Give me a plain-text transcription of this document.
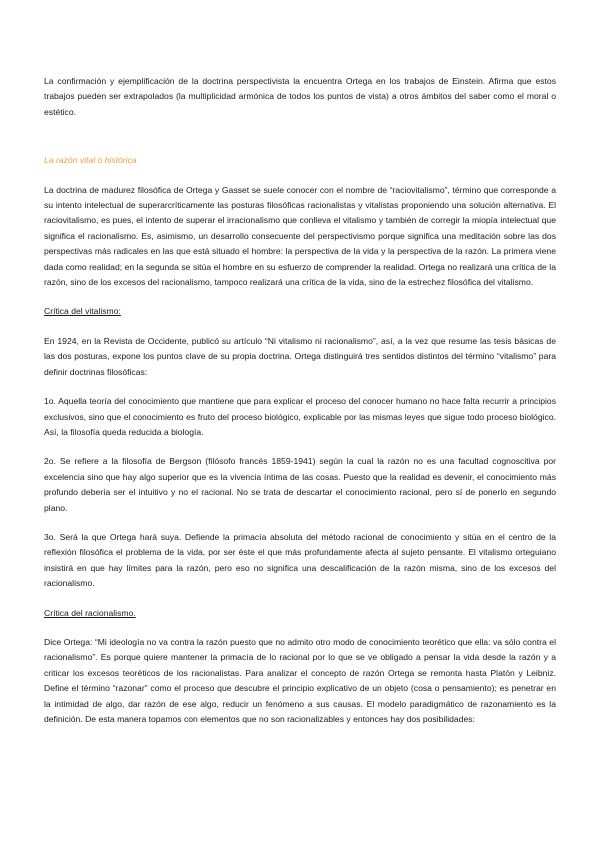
La confirmación y ejemplificación de la doctrina perspectivista la encuentra Ortega en los trabajos de Einstein. Afirma que estos trabajos pueden ser extrapolados (la multiplicidad armónica de todos los puntos de vista) a otros ámbitos del saber como el moral o estético.

La razón vital o histórica

La doctrina de madurez filosófica de Ortega y Gasset se suele conocer con el nombre de “raciovitalismo”, término que corresponde a su intento intelectual de superarcríticamente las posturas filosóficas racionalistas y vitalistas proponiendo una solución alternativa. El raciovitalismo, es pues, el intento de superar el irracionalismo que conlleva el vitalismo y también de corregir la miopía intelectual que significa el racionalismo. Es, asimismo, un desarrollo consecuente del perspectivismo porque significa una meditación sobre las dos perspectivas más radicales en las que está situado el hombre: la perspectiva de la vida y la perspectiva de la razón. La primera viene dada como realidad; en la segunda se sitúa el hombre en su esfuerzo de comprender la realidad. Ortega no realizará una crítica de la razón, sino de los excesos del racionalismo, tampoco realizará una crítica de la vida, sino de la estrechez filosófica del vitalismo.

Crítica del vitalismo:

En 1924, en la Revista de Occidente, publicó su artículo “Ni vitalismo ni racionalismo”, así, a la vez que resume las tesis básicas de las dos posturas, expone los puntos clave de su propia doctrina. Ortega distinguirá tres sentidos distintos del término “vitalismo” para definir doctrinas filosóficas:

1o. Aquella teoría del conocimiento que mantiene que para explicar el proceso del conocer humano no hace falta recurrir a principios exclusivos, sino que el conocimiento es fruto del proceso biológico, explicable por las mismas leyes que sigue todo proceso biológico. Así, la filosofía queda reducida a biología.

2o. Se refiere a la filosofía de Bergson (filósofo francés 1859-1941) según la cual la razón no es una facultad cognoscitiva por excelencia sino que hay algo superior que es la vivencia íntima de las cosas. Puesto que la realidad es devenir, el conocimiento más profundo debería ser el intuitivo y no el racional. No se trata de descartar el conocimiento racional, pero sí de ponerlo en segundo plano.

3o. Será la que Ortega hará suya. Defiende la primacía absoluta del método racional de conocimiento y sitúa en el centro de la reflexión filosófica el problema de la vida, por ser éste el que más profundamente afecta al sujeto pensante. El vitalismo orteguiano insistirá en que hay límites para la razón, pero eso no significa una descalificación de la razón misma, sino de los excesos del racionalismo.

Crítica del racionalismo.

Dice Ortega: “Mi ideología no va contra la razón puesto que no admito otro modo de conocimiento teorético que ella: va sólo contra el racionalismo”. Es porque quiere mantener la primacía de lo racional por lo que se ve obligado a pensar la vida desde la razón y a criticar los excesos teoréticos de los racionalistas. Para analizar el concepto de razón Ortega se remonta hasta Platón y Leibniz. Define el término “razonar” como el proceso que descubre el principio explicativo de un objeto (cosa o pensamiento); es penetrar en la intimidad de algo, dar razón de ese algo, reducir un fenómeno a sus causas. El modelo paradigmático de razonamiento es la definición. De esta manera topamos con elementos que no son racionalizables y entonces hay dos posibilidades:
